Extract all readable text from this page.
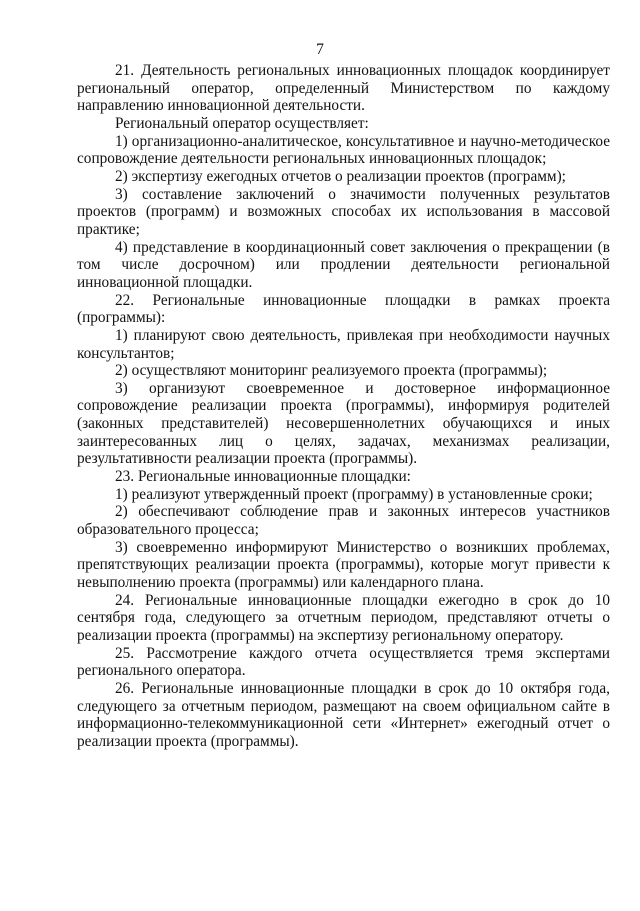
7

21. Деятельность региональных инновационных площадок координирует региональный оператор, определенный Министерством по каждому направлению инновационной деятельности.

Региональный оператор осуществляет:

1) организационно-аналитическое, консультативное и научно-методическое сопровождение деятельности региональных инновационных площадок;

2) экспертизу ежегодных отчетов о реализации проектов (программ);

3) составление заключений о значимости полученных результатов проектов (программ) и возможных способах их использования в массовой практике;

4) представление в координационный совет заключения о прекращении (в том числе досрочном) или продлении деятельности региональной инновационной площадки.

22. Региональные инновационные площадки в рамках проекта (программы):

1) планируют свою деятельность, привлекая при необходимости научных консультантов;

2) осуществляют мониторинг реализуемого проекта (программы);

3) организуют своевременное и достоверное информационное сопровождение реализации проекта (программы), информируя родителей (законных представителей) несовершеннолетних обучающихся и иных заинтересованных лиц о целях, задачах, механизмах реализации, результативности реализации проекта (программы).

23. Региональные инновационные площадки:

1) реализуют утвержденный проект (программу) в установленные сроки;

2) обеспечивают соблюдение прав и законных интересов участников образовательного процесса;

3) своевременно информируют Министерство о возникших проблемах, препятствующих реализации проекта (программы), которые могут привести к невыполнению проекта (программы) или календарного плана.

24. Региональные инновационные площадки ежегодно в срок до 10 сентября года, следующего за отчетным периодом, представляют отчеты о реализации проекта (программы) на экспертизу региональному оператору.

25. Рассмотрение каждого отчета осуществляется тремя экспертами регионального оператора.

26. Региональные инновационные площадки в срок до 10 октября года, следующего за отчетным периодом, размещают на своем официальном сайте в информационно-телекоммуникационной сети «Интернет» ежегодный отчет о реализации проекта (программы).
